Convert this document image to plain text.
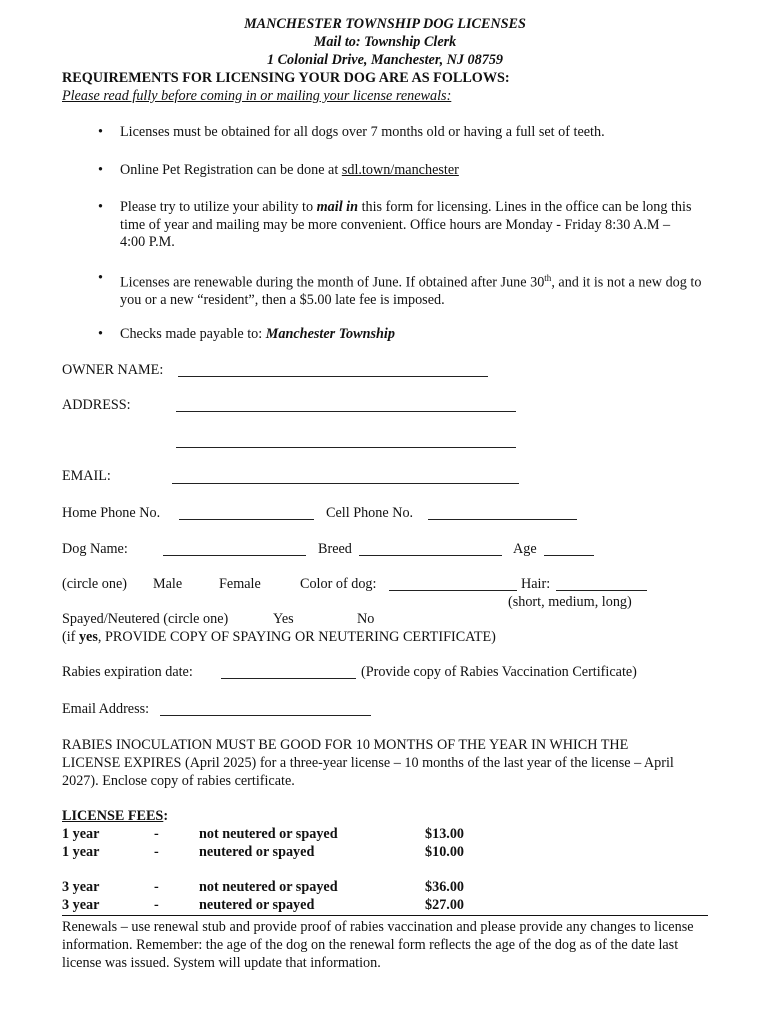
MANCHESTER TOWNSHIP DOG LICENSES
Mail to: Township Clerk
1 Colonial Drive, Manchester, NJ 08759
REQUIREMENTS FOR LICENSING YOUR DOG ARE AS FOLLOWS:
Please read fully before coming in or mailing your license renewals:
• Licenses must be obtained for all dogs over 7 months old or having a full set of teeth.
• Online Pet Registration can be done at sdl.town/manchester
• Please try to utilize your ability to mail in this form for licensing. Lines in the office can be long this time of year and mailing may be more convenient. Office hours are Monday - Friday 8:30 A.M – 4:00 P.M.
• Licenses are renewable during the month of June. If obtained after June 30th, and it is not a new dog to you or a new “resident”, then a $5.00 late fee is imposed.
• Checks made payable to: Manchester Township
OWNER NAME:
ADDRESS:
EMAIL:
Home Phone No.	Cell Phone No.
Dog Name:	Breed	Age
(circle one) Male	Female	Color of dog:	Hair:
(short, medium, long)
Spayed/Neutered (circle one)	Yes	No
(if yes, PROVIDE COPY OF SPAYING OR NEUTERING CERTIFICATE)
Rabies expiration date:	(Provide copy of Rabies Vaccination Certificate)
Email Address:
RABIES INOCULATION MUST BE GOOD FOR 10 MONTHS OF THE YEAR IN WHICH THE LICENSE EXPIRES (April 2025) for a three-year license – 10 months of the last year of the license – April 2027). Enclose copy of rabies certificate.
LICENSE FEES:
1 year	-	not neutered or spayed	$13.00
1 year	-	neutered or spayed	$10.00
3 year	-	not neutered or spayed	$36.00
3 year	-	neutered or spayed	$27.00
Renewals – use renewal stub and provide proof of rabies vaccination and please provide any changes to license information. Remember: the age of the dog on the renewal form reflects the age of the dog as of the date last license was issued. System will update that information.
